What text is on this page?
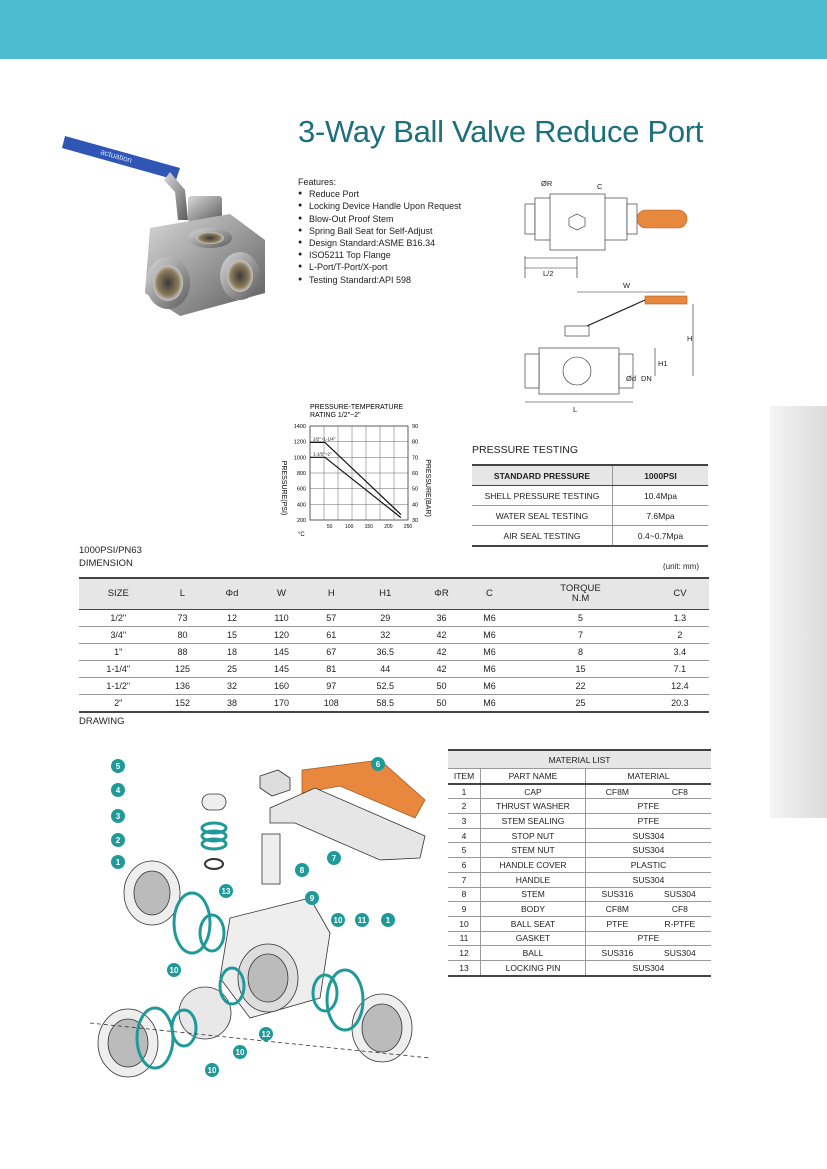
actuation
3-Way Ball Valve Reduce Port
Features:
● Reduce Port
● Locking Device Handle Upon Request
● Blow-Out Proof Stem
● Spring Ball Seat for Self-Adjust
● Design Standard:ASME B16.34
● ISO5211 Top Flange
● L-Port/T-Port/X-port
● Testing Standard:API 598
ØR	C
L/2
W
H
H1
Ød DN
L
PRESSURE-TEMPERATURE
RATING 1/2"~2"
1400
1200
1000
800
600
400
200
90
80
70
60
50
40
30
50	100 150 200 250
1/2"~1-1/4"
1-1/2"~2"
PRESSURE(PSI)	PRESSURE(BAR)
°C
PRESSURE TESTING
STANDARD PRESSURE	1000PSI
SHELL PRESSURE TESTING	10.4Mpa
WATER SEAL TESTING	7.6Mpa
AIR SEAL TESTING	0.4~0.7Mpa
1000PSI/PN63
DIMENSION	(unit: mm)
SIZE	L	Φd	W	H	H1	ΦR	C	TORQUE
N.M	CV
1/2"	73	12	110	57	29	36	M6	5	1.3
3/4"	80	15	120	61	32	42	M6	7	2
1"	88	18	145	67	36.5	42	M6	8	3.4
1-1/4"	125	25	145	81	44	42	M6	15	7.1
1-1/2"	136	32	160	97	52.5	50	M6	22	12.4
2"	152	38	170	108	58.5	50	M6	25	20.3
DRAWING
5	6
4
3
2
1
13
9
8
7
10 11 1
10
12
10
10
MATERIAL LIST			
ITEM	PART NAME	MATERIAL	
1	CAP	CF8M	CF8
2	THRUST WASHER	PTFE	
3	STEM SEALING	PTFE	
4	STOP NUT	SUS304	
5	STEM NUT	SUS304	
6	HANDLE COVER	PLASTIC	
7	HANDLE	SUS304	
8	STEM	SUS316	SUS304
9	BODY	CF8M	CF8
10	BALL SEAT	PTFE	R-PTFE
11	GASKET	PTFE	
12	BALL	SUS316	SUS304
13	LOCKING PIN	SUS304	
